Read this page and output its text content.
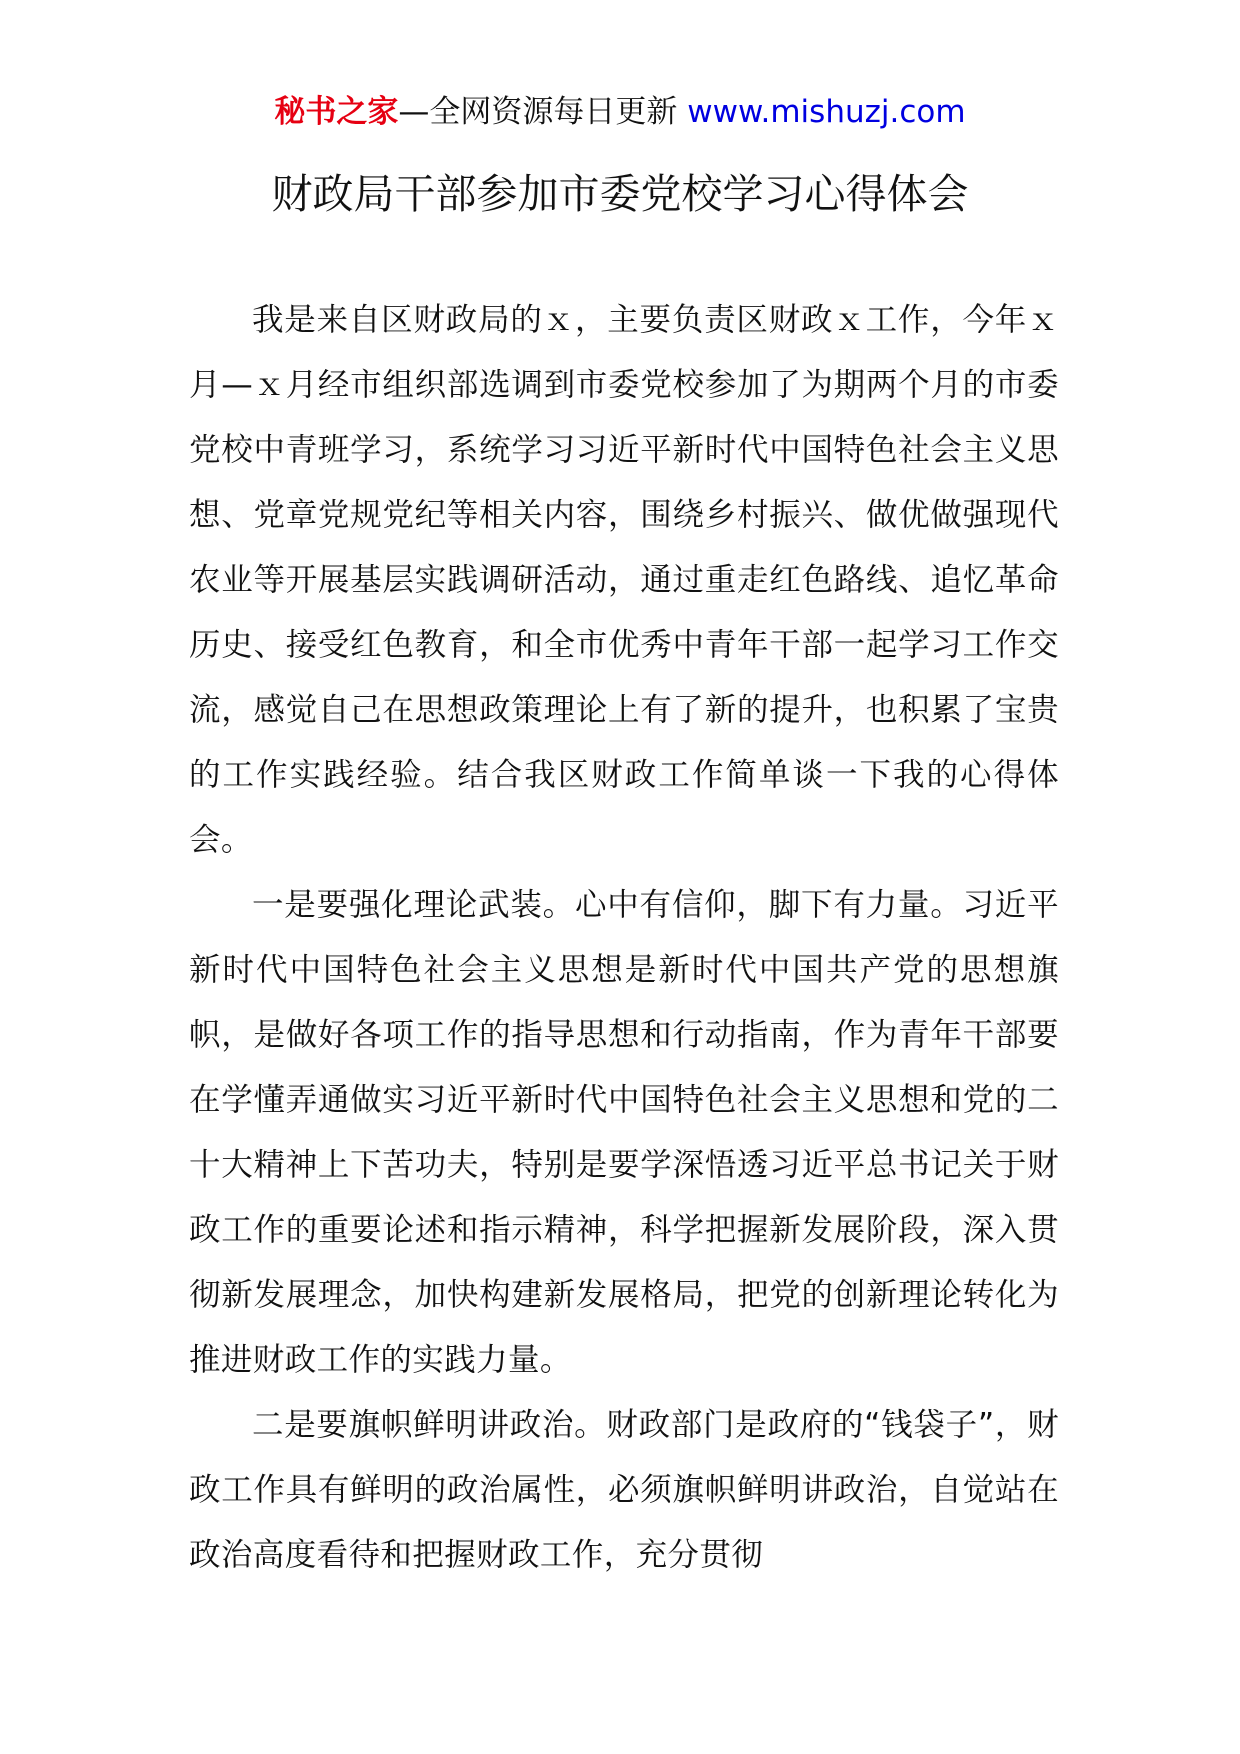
秘书之家—全网资源每日更新 www.mishuzj.com
财政局干部参加市委党校学习心得体会

我是来自区财政局的ｘ，主要负责区财政ｘ工作，今年ｘ月—ｘ月经市组织部选调到市委党校参加了为期两个月的市委党校中青班学习，系统学习习近平新时代中国特色社会主义思想、党章党规党纪等相关内容，围绕乡村振兴、做优做强现代农业等开展基层实践调研活动，通过重走红色路线、追忆革命历史、接受红色教育，和全市优秀中青年干部一起学习工作交流，感觉自己在思想政策理论上有了新的提升，也积累了宝贵的工作实践经验。结合我区财政工作简单谈一下我的心得体会。

一是要强化理论武装。心中有信仰，脚下有力量。习近平新时代中国特色社会主义思想是新时代中国共产党的思想旗帜，是做好各项工作的指导思想和行动指南，作为青年干部要在学懂弄通做实习近平新时代中国特色社会主义思想和党的二十大精神上下苦功夫，特别是要学深悟透习近平总书记关于财政工作的重要论述和指示精神，科学把握新发展阶段，深入贯彻新发展理念，加快构建新发展格局，把党的创新理论转化为推进财政工作的实践力量。

二是要旗帜鲜明讲政治。财政部门是政府的“钱袋子”，财政工作具有鲜明的政治属性，必须旗帜鲜明讲政治，自觉站在政治高度看待和把握财政工作，充分贯彻
